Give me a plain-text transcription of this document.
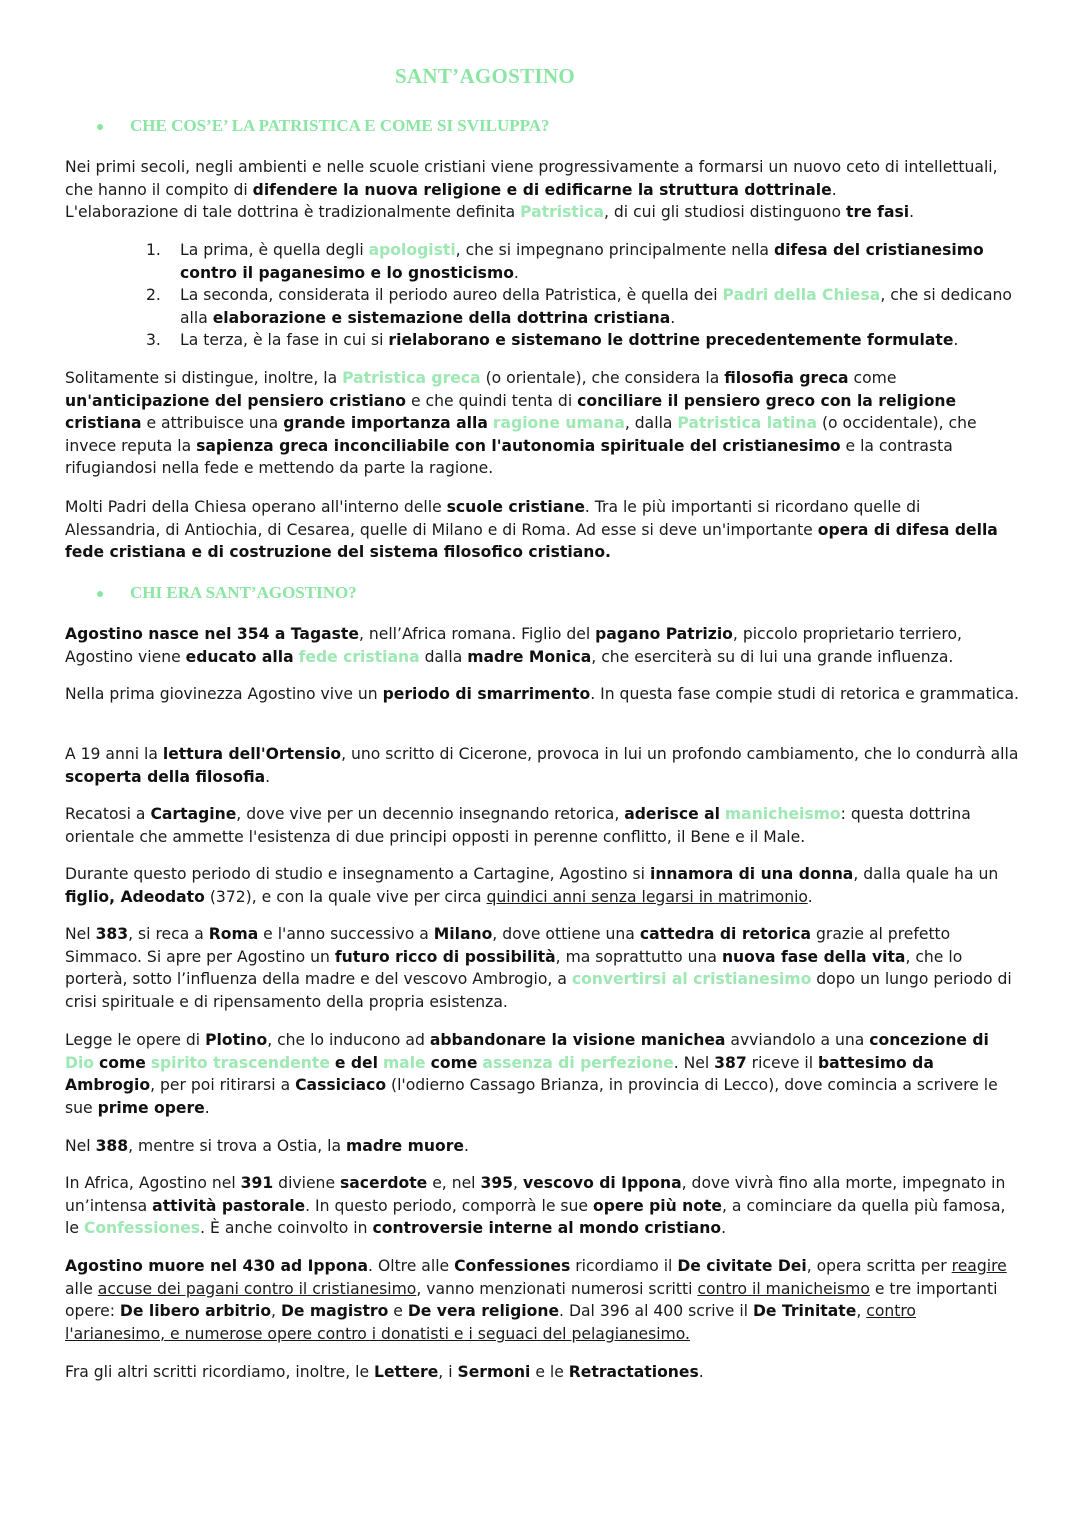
SANT’AGOSTINO
● CHE COS’E’ LA PATRISTICA E COME SI SVILUPPA?
Nei primi secoli, negli ambienti e nelle scuole cristiani viene progressivamente a formarsi un nuovo ceto di intellettuali, che hanno il compito di difendere la nuova religione e di edificarne la struttura dottrinale.
L'elaborazione di tale dottrina è tradizionalmente definita Patristica, di cui gli studiosi distinguono tre fasi.
1. La prima, è quella degli apologisti, che si impegnano principalmente nella difesa del cristianesimo contro il paganesimo e lo gnosticismo.
2. La seconda, considerata il periodo aureo della Patristica, è quella dei Padri della Chiesa, che si dedicano alla elaborazione e sistemazione della dottrina cristiana.
3. La terza, è la fase in cui si rielaborano e sistemano le dottrine precedentemente formulate.
Solitamente si distingue, inoltre, la Patristica greca (o orientale), che considera la filosofia greca come un'anticipazione del pensiero cristiano e che quindi tenta di conciliare il pensiero greco con la religione cristiana e attribuisce una grande importanza alla ragione umana, dalla Patristica latina (o occidentale), che invece reputa la sapienza greca inconciliabile con l'autonomia spirituale del cristianesimo e la contrasta rifugiandosi nella fede e mettendo da parte la ragione.
Molti Padri della Chiesa operano all'interno delle scuole cristiane. Tra le più importanti si ricordano quelle di Alessandria, di Antiochia, di Cesarea, quelle di Milano e di Roma. Ad esse si deve un'importante opera di difesa della fede cristiana e di costruzione del sistema filosofico cristiano.
● CHI ERA SANT’AGOSTINO?
Agostino nasce nel 354 a Tagaste, nell’Africa romana. Figlio del pagano Patrizio, piccolo proprietario terriero, Agostino viene educato alla fede cristiana dalla madre Monica, che eserciterà su di lui una grande influenza.
Nella prima giovinezza Agostino vive un periodo di smarrimento. In questa fase compie studi di retorica e grammatica.
A 19 anni la lettura dell'Ortensio, uno scritto di Cicerone, provoca in lui un profondo cambiamento, che lo condurrà alla scoperta della filosofia.
Recatosi a Cartagine, dove vive per un decennio insegnando retorica, aderisce al manicheismo: questa dottrina orientale che ammette l'esistenza di due principi opposti in perenne conflitto, il Bene e il Male.
Durante questo periodo di studio e insegnamento a Cartagine, Agostino si innamora di una donna, dalla quale ha un figlio, Adeodato (372), e con la quale vive per circa quindici anni senza legarsi in matrimonio.
Nel 383, si reca a Roma e l'anno successivo a Milano, dove ottiene una cattedra di retorica grazie al prefetto Simmaco. Si apre per Agostino un futuro ricco di possibilità, ma soprattutto una nuova fase della vita, che lo porterà, sotto l’influenza della madre e del vescovo Ambrogio, a convertirsi al cristianesimo dopo un lungo periodo di crisi spirituale e di ripensamento della propria esistenza.
Legge le opere di Plotino, che lo inducono ad abbandonare la visione manichea avviandolo a una concezione di Dio come spirito trascendente e del male come assenza di perfezione. Nel 387 riceve il battesimo da Ambrogio, per poi ritirarsi a Cassiciaco (l'odierno Cassago Brianza, in provincia di Lecco), dove comincia a scrivere le sue prime opere.
Nel 388, mentre si trova a Ostia, la madre muore.
In Africa, Agostino nel 391 diviene sacerdote e, nel 395, vescovo di Ippona, dove vivrà fino alla morte, impegnato in un’intensa attività pastorale. In questo periodo, comporrà le sue opere più note, a cominciare da quella più famosa, le Confessiones. È anche coinvolto in controversie interne al mondo cristiano.
Agostino muore nel 430 ad Ippona. Oltre alle Confessiones ricordiamo il De civitate Dei, opera scritta per reagire alle accuse dei pagani contro il cristianesimo, vanno menzionati numerosi scritti contro il manicheismo e tre importanti opere: De libero arbitrio, De magistro e De vera religione. Dal 396 al 400 scrive il De Trinitate, contro l'arianesimo, e numerose opere contro i donatisti e i seguaci del pelagianesimo.
Fra gli altri scritti ricordiamo, inoltre, le Lettere, i Sermoni e le Retractationes.
